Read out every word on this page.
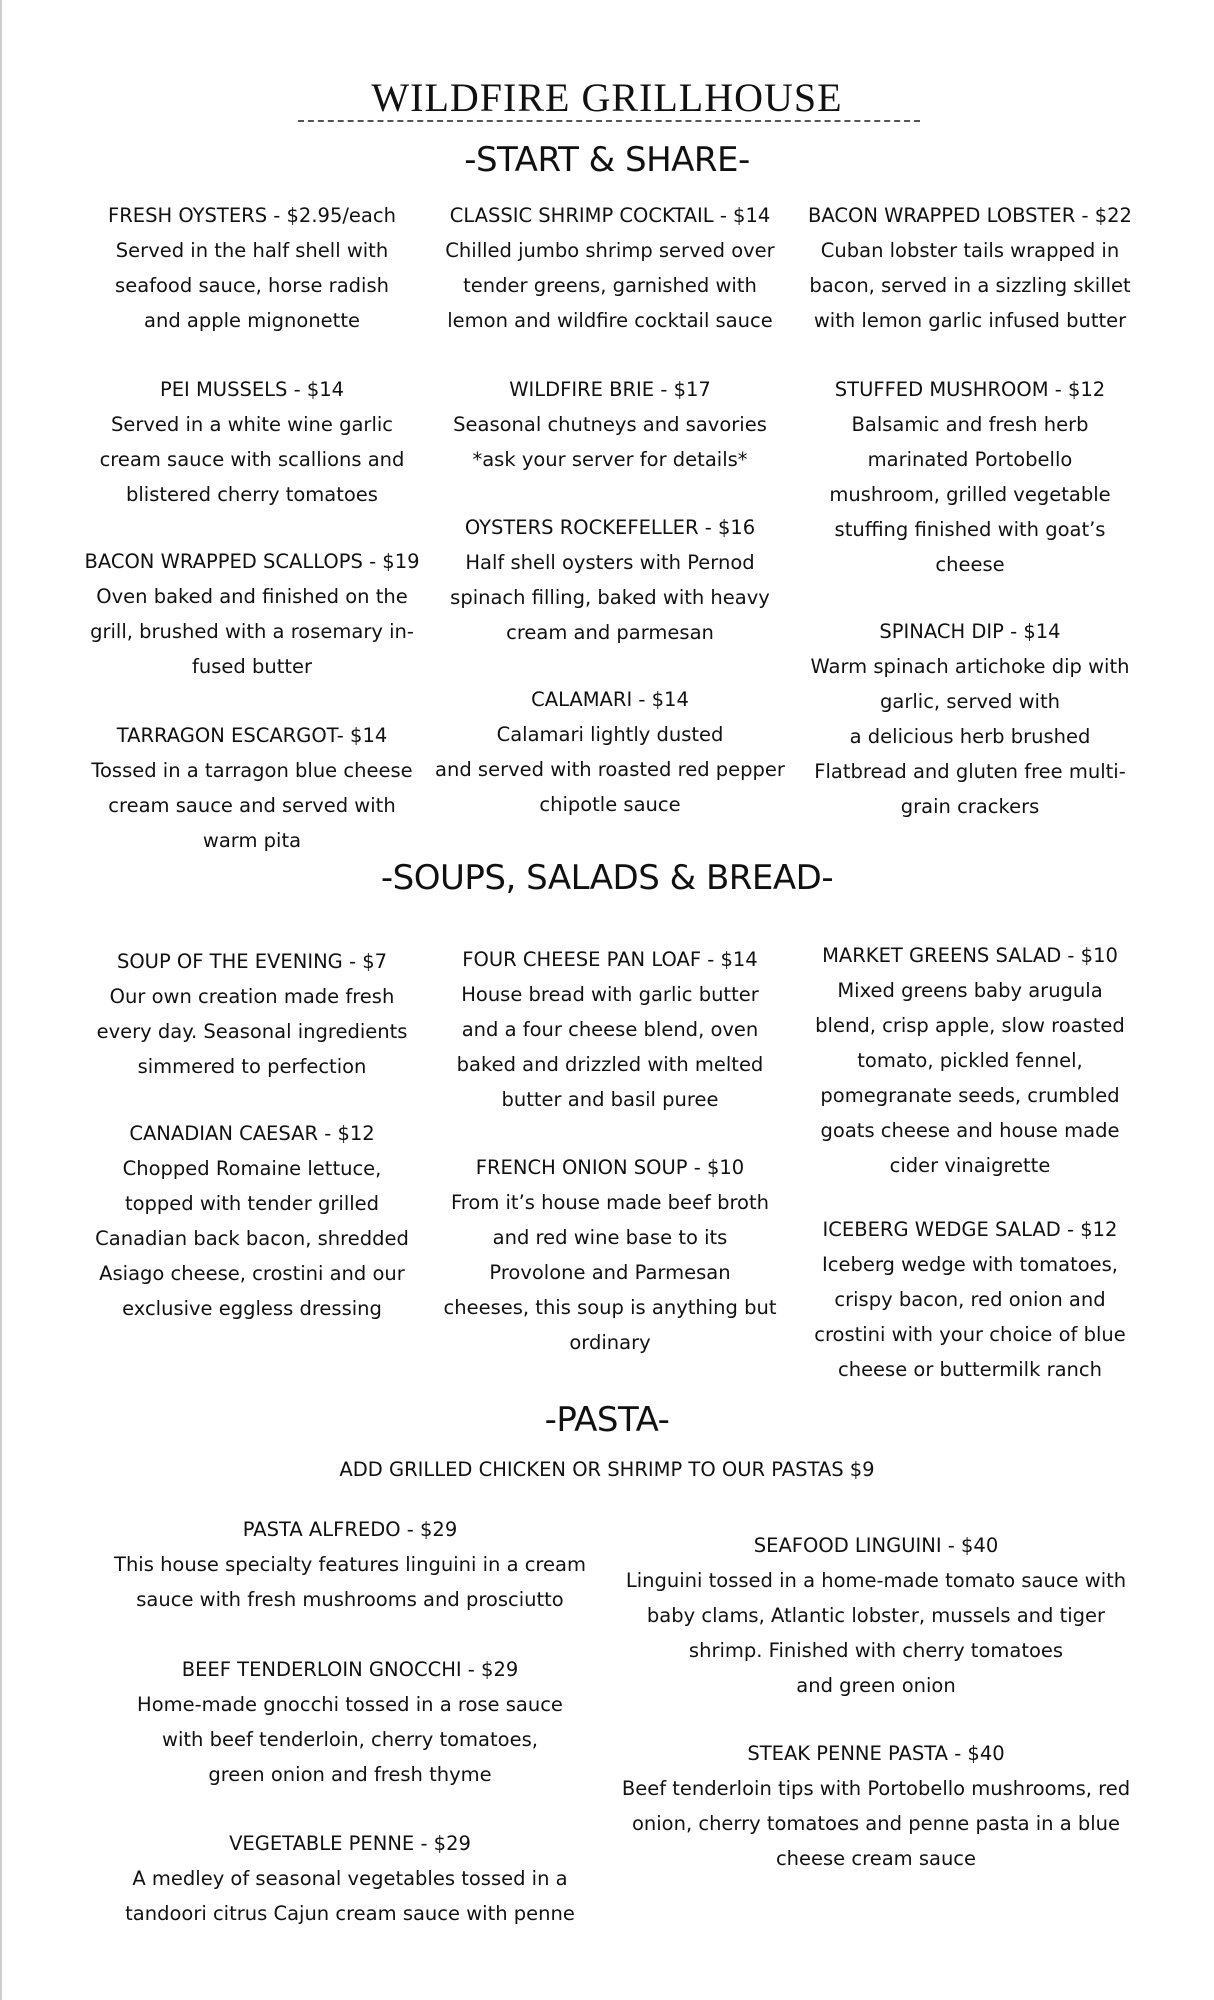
WILDFIRE GRILLHOUSE
-START & SHARE-
FRESH OYSTERS - $2.95/each
Served in the half shell with
seafood sauce, horse radish
and apple mignonette
CLASSIC SHRIMP COCKTAIL - $14
Chilled jumbo shrimp served over
tender greens, garnished with
lemon and wildfire cocktail sauce
BACON WRAPPED LOBSTER - $22
Cuban lobster tails wrapped in
bacon, served in a sizzling skillet
with lemon garlic infused butter
PEI MUSSELS - $14
Served in a white wine garlic
cream sauce with scallions and
blistered cherry tomatoes
WILDFIRE BRIE - $17
Seasonal chutneys and savories
*ask your server for details*
STUFFED MUSHROOM - $12
Balsamic and fresh herb
marinated Portobello
mushroom, grilled vegetable
stuffing finished with goat’s
cheese
OYSTERS ROCKEFELLER - $16
Half shell oysters with Pernod
spinach filling, baked with heavy
cream and parmesan
BACON WRAPPED SCALLOPS - $19
Oven baked and finished on the
grill, brushed with a rosemary in-
fused butter
SPINACH DIP - $14
Warm spinach artichoke dip with
garlic, served with
a delicious herb brushed
Flatbread and gluten free multi-
grain crackers
CALAMARI - $14
Calamari lightly dusted
and served with roasted red pepper
chipotle sauce
TARRAGON ESCARGOT- $14
Tossed in a tarragon blue cheese
cream sauce and served with
warm pita
-SOUPS, SALADS & BREAD-
MARKET GREENS SALAD - $10
Mixed greens baby arugula
blend, crisp apple, slow roasted
tomato, pickled fennel,
pomegranate seeds, crumbled
goats cheese and house made
cider vinaigrette
FOUR CHEESE PAN LOAF - $14
House bread with garlic butter
and a four cheese blend, oven
baked and drizzled with melted
butter and basil puree
SOUP OF THE EVENING - $7
Our own creation made fresh
every day. Seasonal ingredients
simmered to perfection
CANADIAN CAESAR - $12
Chopped Romaine lettuce,
topped with tender grilled
Canadian back bacon, shredded
Asiago cheese, crostini and our
exclusive eggless dressing
FRENCH ONION SOUP - $10
From it’s house made beef broth
and red wine base to its
Provolone and Parmesan
cheeses, this soup is anything but
ordinary
ICEBERG WEDGE SALAD - $12
Iceberg wedge with tomatoes,
crispy bacon, red onion and
crostini with your choice of blue
cheese or buttermilk ranch
-PASTA-
ADD GRILLED CHICKEN OR SHRIMP TO OUR PASTAS $9
PASTA ALFREDO - $29
This house specialty features linguini in a cream
sauce with fresh mushrooms and prosciutto
SEAFOOD LINGUINI - $40
Linguini tossed in a home-made tomato sauce with
baby clams, Atlantic lobster, mussels and tiger
shrimp. Finished with cherry tomatoes
and green onion
BEEF TENDERLOIN GNOCCHI - $29
Home-made gnocchi tossed in a rose sauce
with beef tenderloin, cherry tomatoes,
green onion and fresh thyme
STEAK PENNE PASTA - $40
Beef tenderloin tips with Portobello mushrooms, red
onion, cherry tomatoes and penne pasta in a blue
cheese cream sauce
VEGETABLE PENNE - $29
A medley of seasonal vegetables tossed in a
tandoori citrus Cajun cream sauce with penne
